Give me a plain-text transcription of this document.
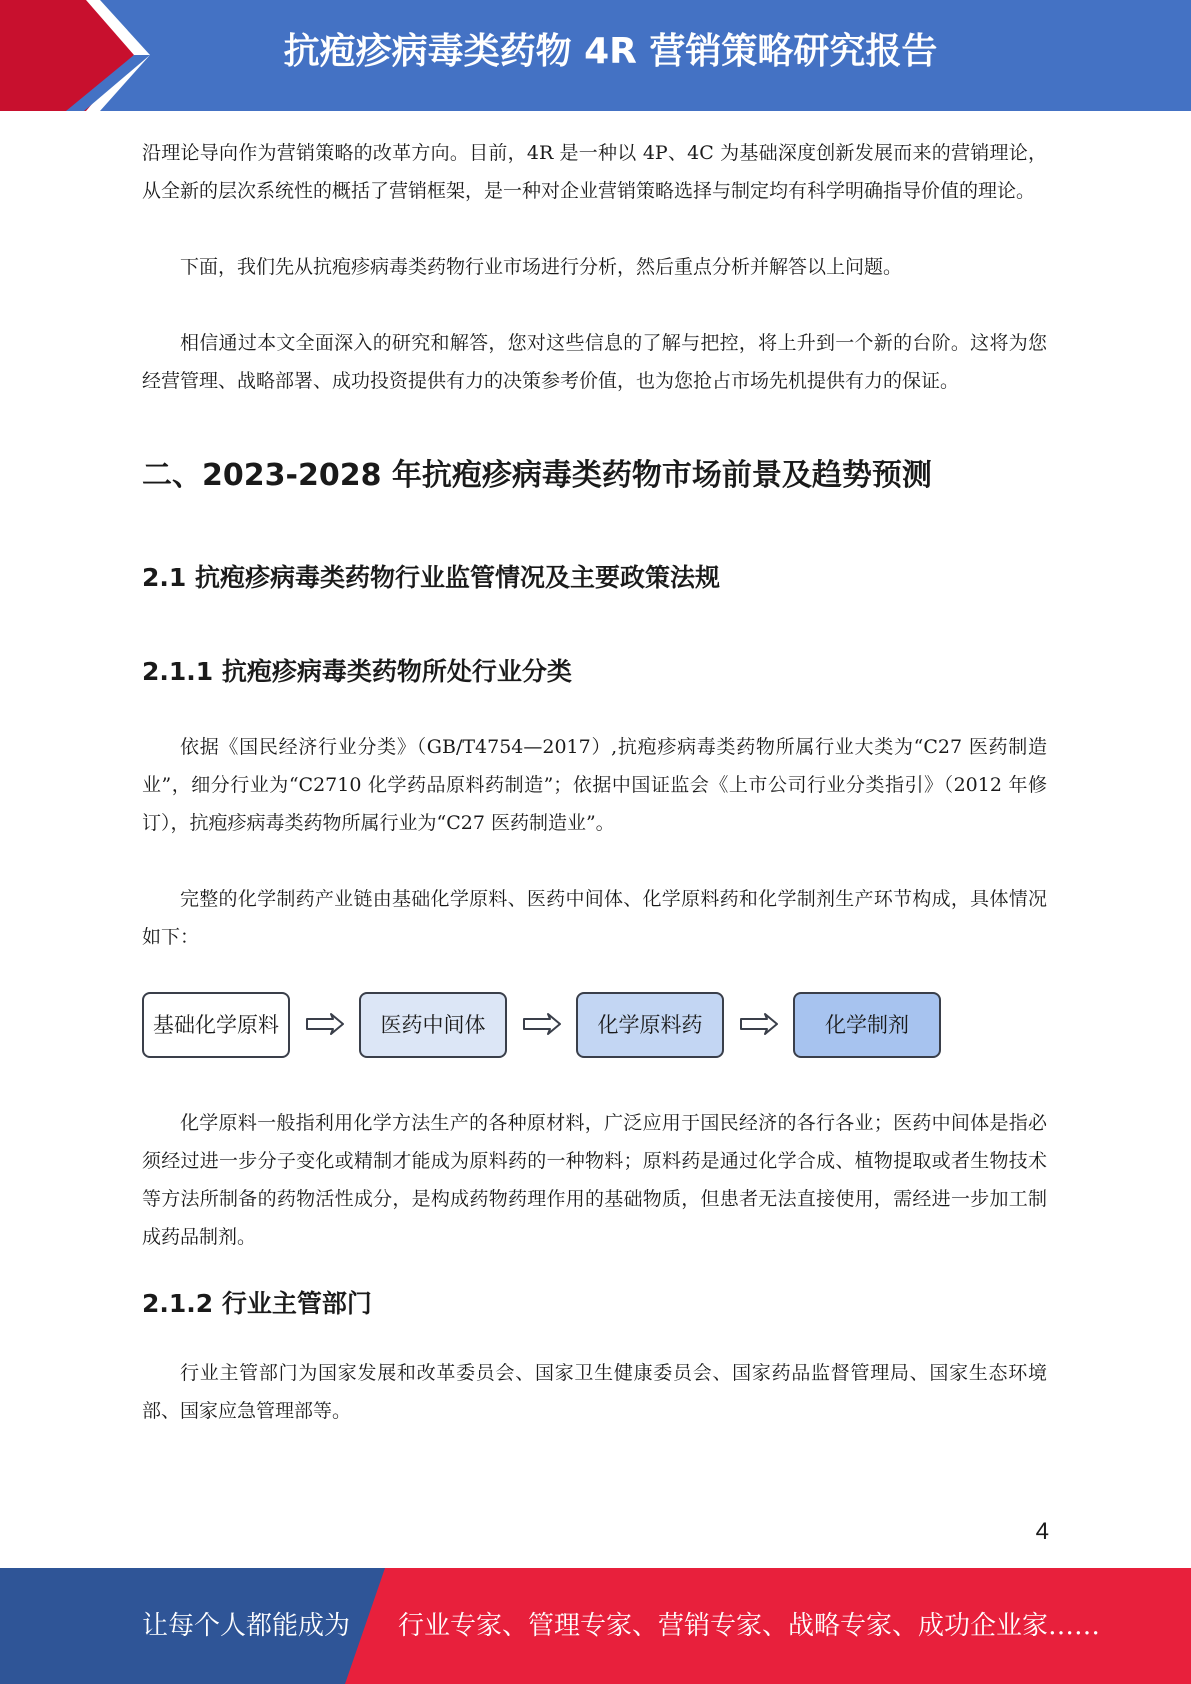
抗疱疹病毒类药物 4R 营销策略研究报告

沿理论导向作为营销策略的改革方向。目前，4R 是一种以 4P、4C 为基础深度创新发展而来的营销理论，从全新的层次系统性的概括了营销框架，是一种对企业营销策略选择与制定均有科学明确指导价值的理论。

下面，我们先从抗疱疹病毒类药物行业市场进行分析，然后重点分析并解答以上问题。

相信通过本文全面深入的研究和解答，您对这些信息的了解与把控，将上升到一个新的台阶。这将为您经营管理、战略部署、成功投资提供有力的决策参考价值，也为您抢占市场先机提供有力的保证。

二、2023-2028 年抗疱疹病毒类药物市场前景及趋势预测
2.1 抗疱疹病毒类药物行业监管情况及主要政策法规
2.1.1 抗疱疹病毒类药物所处行业分类

依据《国民经济行业分类》（GB/T4754—2017）,抗疱疹病毒类药物所属行业大类为“C27 医药制造业”，细分行业为“C2710 化学药品原料药制造”；依据中国证监会《上市公司行业分类指引》（2012 年修订），抗疱疹病毒类药物所属行业为“C27 医药制造业”。

完整的化学制药产业链由基础化学原料、医药中间体、化学原料药和化学制剂生产环节构成，具体情况如下：

基础化学原料	医药中间体	化学原料药	化学制剂

化学原料一般指利用化学方法生产的各种原材料，广泛应用于国民经济的各行各业；医药中间体是指必须经过进一步分子变化或精制才能成为原料药的一种物料；原料药是通过化学合成、植物提取或者生物技术等方法所制备的药物活性成分，是构成药物药理作用的基础物质，但患者无法直接使用，需经进一步加工制成药品制剂。

2.1.2 行业主管部门

行业主管部门为国家发展和改革委员会、国家卫生健康委员会、国家药品监督管理局、国家生态环境部、国家应急管理部等。

4
让每个人都能成为 行业专家、管理专家、营销专家、战略专家、成功企业家……
